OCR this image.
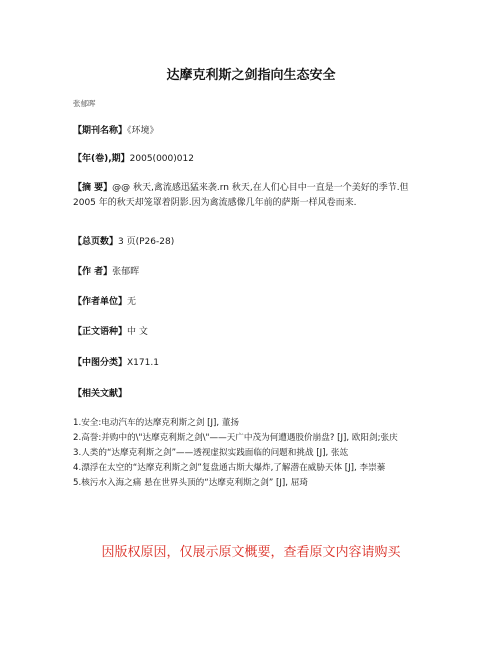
达摩克利斯之剑指向生态安全
张郁晖
【期刊名称】《环境》
【年(卷),期】2005(000)012
【摘 要】@@ 秋天,禽流感迅猛来袭.rn 秋天,在人们心目中一直是一个美好的季节.但 2005 年的秋天却笼罩着阴影.因为禽流感像几年前的萨斯一样风卷而来.
【总页数】3 页(P26-28)
【作 者】张郁晖
【作者单位】无
【正文语种】中 文
【中图分类】X171.1
【相关文献】
1.安全:电动汽车的达摩克利斯之剑 [J], 董扬
2.高誉:并购中的\"达摩克利斯之剑\"——天广中茂为何遭遇股价崩盘? [J], 欧阳剑;张庆
3.人类的“达摩克利斯之剑”——透视虚拟实践面临的问题和挑战 [J], 张竑
4.漂浮在太空的“达摩克利斯之剑”复盘通古斯大爆炸,了解潜在威胁天体 [J], 李崇蓁
5.核污水入海之痛 悬在世界头顶的“达摩克利斯之剑” [J], 屈琦
因版权原因，仅展示原文概要，查看原文内容请购买
